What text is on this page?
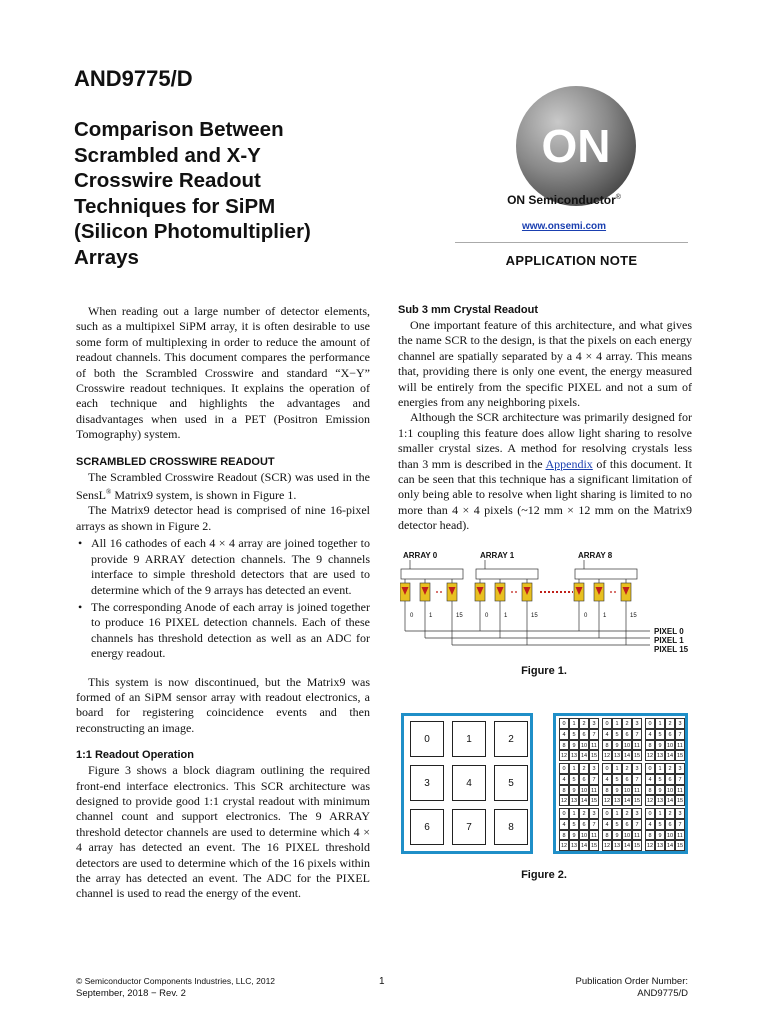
AND9775/D
Comparison Between
Scrambled and X-Y
Crosswire Readout
Techniques for SiPM
(Silicon Photomultiplier)
Arrays
ON
ON Semiconductor®
www.onsemi.com
APPLICATION NOTE
When reading out a large number of detector elements, such as a multipixel SiPM array, it is often desirable to use some form of multiplexing in order to reduce the amount of readout channels. This document compares the performance of both the Scrambled Crosswire and standard “X−Y” Crosswire readout techniques. It explains the operation of each technique and highlights the advantages and disadvantages when used in a PET (Positron Emission Tomography) system.
SCRAMBLED CROSSWIRE READOUT
The Scrambled Crosswire Readout (SCR) was used in the SensL® Matrix9 system, is shown in Figure 1.
The Matrix9 detector head is comprised of nine 16-pixel arrays as shown in Figure 2.
• All 16 cathodes of each 4 × 4 array are joined together to provide 9 ARRAY detection channels. The 9 channels interface to simple threshold detectors that are used to determine which of the 9 arrays has detected an event.
• The corresponding Anode of each array is joined together to produce 16 PIXEL detection channels. Each of these channels has threshold detection as well as an ADC for energy readout.
This system is now discontinued, but the Matrix9 was formed of an SiPM sensor array with readout electronics, a board for registering coincidence events and then reconstructing an image.
1:1 Readout Operation
Figure 3 shows a block diagram outlining the required front-end interface electronics. This SCR architecture was designed to provide good 1:1 crystal readout with minimum channel count and support electronics. The 9 ARRAY threshold detector channels are used to determine which 4 × 4 array has detected an event. The 16 PIXEL threshold detectors are used to determine which of the 16 pixels within the array has detected an event. The ADC for the PIXEL channel is used to read the energy of the event.
Sub 3 mm Crystal Readout
One important feature of this architecture, and what gives the name SCR to the design, is that the pixels on each energy channel are spatially separated by a 4 × 4 array. This means that, providing there is only one event, the energy measured will be entirely from the specific PIXEL and not a sum of energies from any neighboring pixels.
Although the SCR architecture was primarily designed for 1:1 coupling this feature does allow light sharing to resolve smaller crystal sizes. A method for resolving crystals less than 3 mm is described in the Appendix of this document. It can be seen that this technique has a significant limitation of only being able to resolve when light sharing is limited to no more than 4 × 4 pixels (~12 mm × 12 mm on the Matrix9 detector head).
ARRAY 0	ARRAY 1	ARRAY 8
0	1	15	0	1	15	0	1	15
PIXEL 0
PIXEL 1
PIXEL 15
Figure 1.
0	1	2
3	4	5
6	7	8
0	1	2	3
4	5	6	7
8	9 10 11
12 13 14 15
0	1	2	3
4	5	6	7
8	9 10 11
12 13 14 15
0	1	2	3
4	5	6	7
8	9 10 11
12 13 14 15
0	1	2	3
4	5	6	7
8	9 10 11
12 13 14 15
0	1	2	3
4	5	6	7
8	9 10 11
12 13 14 15
0	1	2	3
4	5	6	7
8	9 10 11
12 13 14 15
0	1	2	3
4	5	6	7
8	9 10 11
12 13 14 15
0	1	2	3
4	5	6	7
8	9 10 11
12 13 14 15
0	1	2	3
4	5	6	7
8	9 10 11
12 13 14 15
Figure 2.
© Semiconductor Components Industries, LLC, 2012
September, 2018 − Rev. 2
1	Publication Order Number:
AND9775/D
